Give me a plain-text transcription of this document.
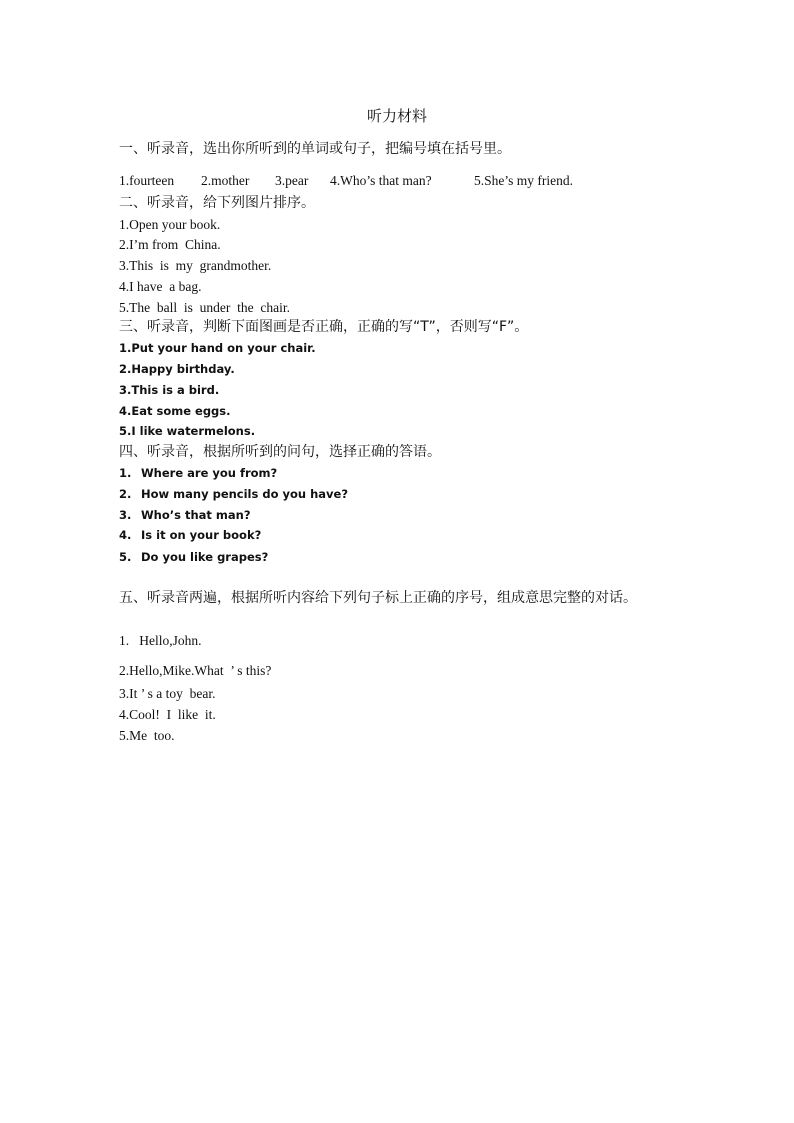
听力材料
一、听录音，选出你所听到的单词或句子，把编号填在括号里。

1.fourteen

2.mother

3.pear

4.Who’s that man?

	5.She’s my friend.

二、听录音，给下列图片排序。
1.Open your book.
2.I’m from  China.
3.This  is  my  grandmother.
4.I have  a bag.
5.The  ball  is  under  the  chair.
三、听录音，判断下面图画是否正确，正确的写“T”，否则写“F”。
1.Put your hand on your chair.
2.Happy birthday.
3.This is a bird.
4.Eat some eggs.
5.I like watermelons.
四、听录音，根据所听到的问句，选择正确的答语。
1. Where are you from?
2. How many pencils do you have?
3. Who’s that man?
4. Is it on your book?
5. Do you like grapes?
五、听录音两遍，根据所听内容给下列句子标上正确的序号，组成意思完整的对话。
1.   Hello,John.
2.Hello,Mike.What  ’ s this?
3.It ’ s a toy  bear.
4.Cool!  I  like  it.
5.Me  too.
